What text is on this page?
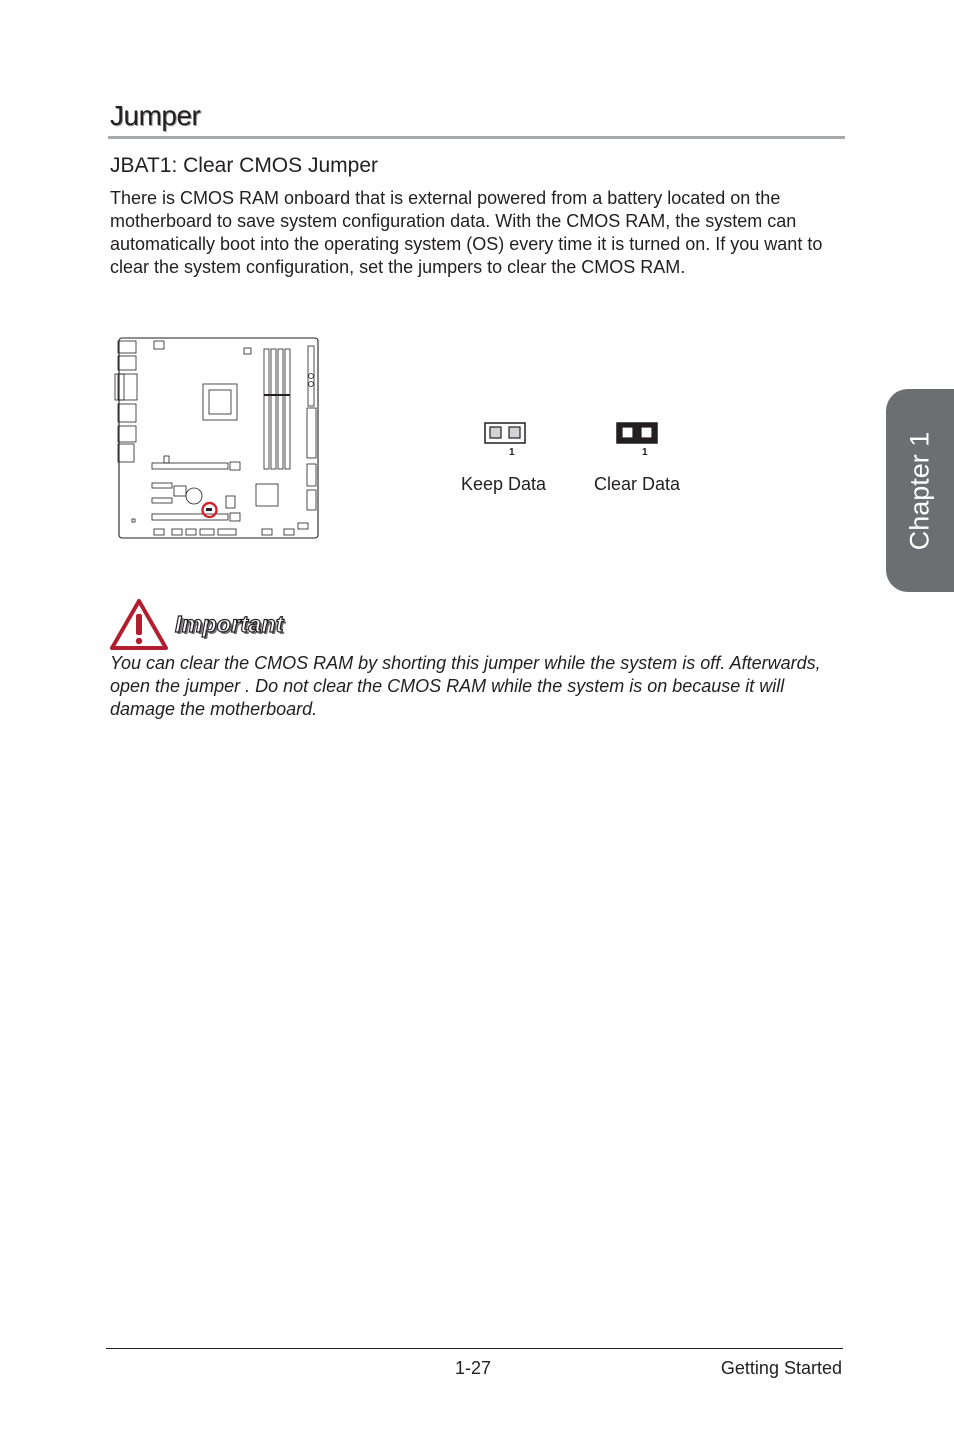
Jumper
JBAT1: Clear CMOS Jumper

There is CMOS RAM onboard that is external powered from a battery located on the motherboard to save system configuration data. With the CMOS RAM, the system can automatically boot into the operating system (OS) every time it is turned on. If you want to clear the system configuration, set the jumpers to clear the CMOS RAM.

1
Keep Data
1
Clear Data
Important

You can clear the CMOS RAM by shorting this jumper while the system is off. Afterwards, open the jumper . Do not clear the CMOS RAM while the system is on because it will damage the motherboard.

Chapter 1
1-27	Getting Started
